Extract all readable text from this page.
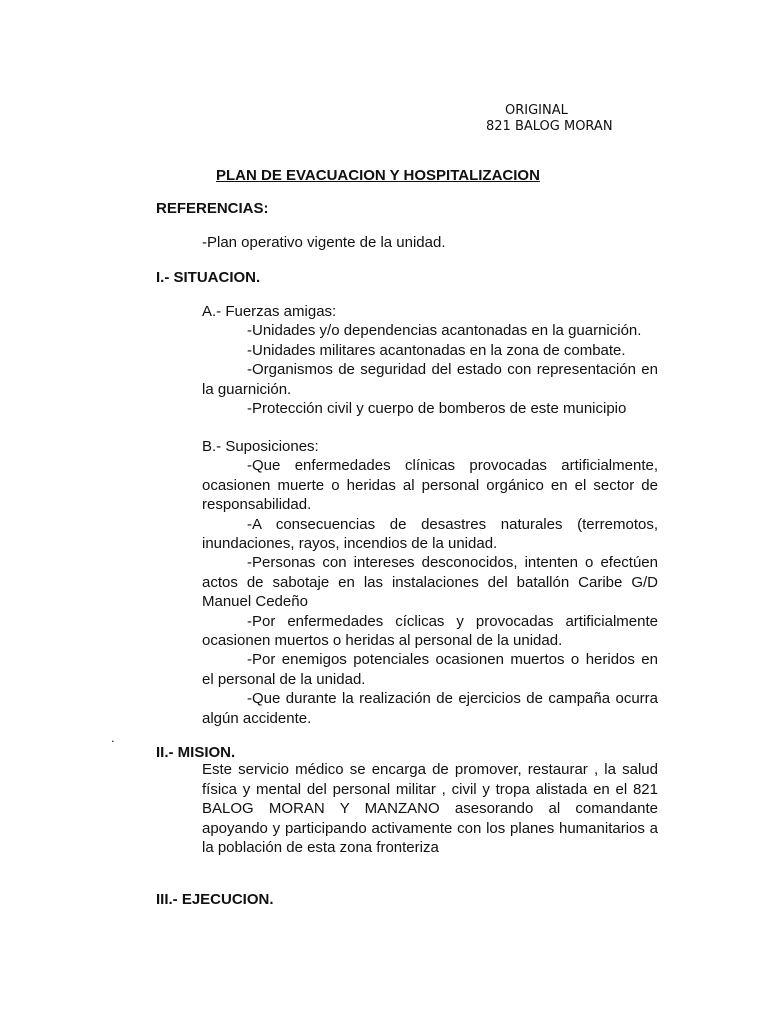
ORIGINAL
821 BALOG MORAN
PLAN DE EVACUACION Y HOSPITALIZACION
REFERENCIAS:
-Plan operativo vigente de la unidad.
I.- SITUACION.
A.- Fuerzas amigas:
-Unidades y/o dependencias acantonadas en la guarnición.
-Unidades militares acantonadas en la zona de combate.

-Organismos de seguridad del estado con representación en la guarnición.

-Protección civil y cuerpo de bomberos de este municipio
B.- Suposiciones:

-Que enfermedades clínicas provocadas artificialmente, ocasionen muerte o heridas al personal orgánico en el sector de responsabilidad.

-A consecuencias de desastres naturales (terremotos, inundaciones, rayos, incendios de la unidad.

-Personas con intereses desconocidos, intenten o efectúen actos de sabotaje en las instalaciones del batallón Caribe G/D Manuel Cedeño

-Por enfermedades cíclicas y provocadas artificialmente ocasionen muertos o heridas al personal de la unidad.

-Por enemigos potenciales ocasionen muertos o heridos en el personal de la unidad.

-Que durante la realización de ejercicios de campaña ocurra algún accidente.

.
II.- MISION.
Este servicio médico se encarga de promover, restaurar , la salud física y mental del personal militar , civil y tropa alistada en el 821 BALOG MORAN Y MANZANO asesorando al comandante apoyando y participando activamente con los planes humanitarios a la población de esta zona fronteriza
III.- EJECUCION.
